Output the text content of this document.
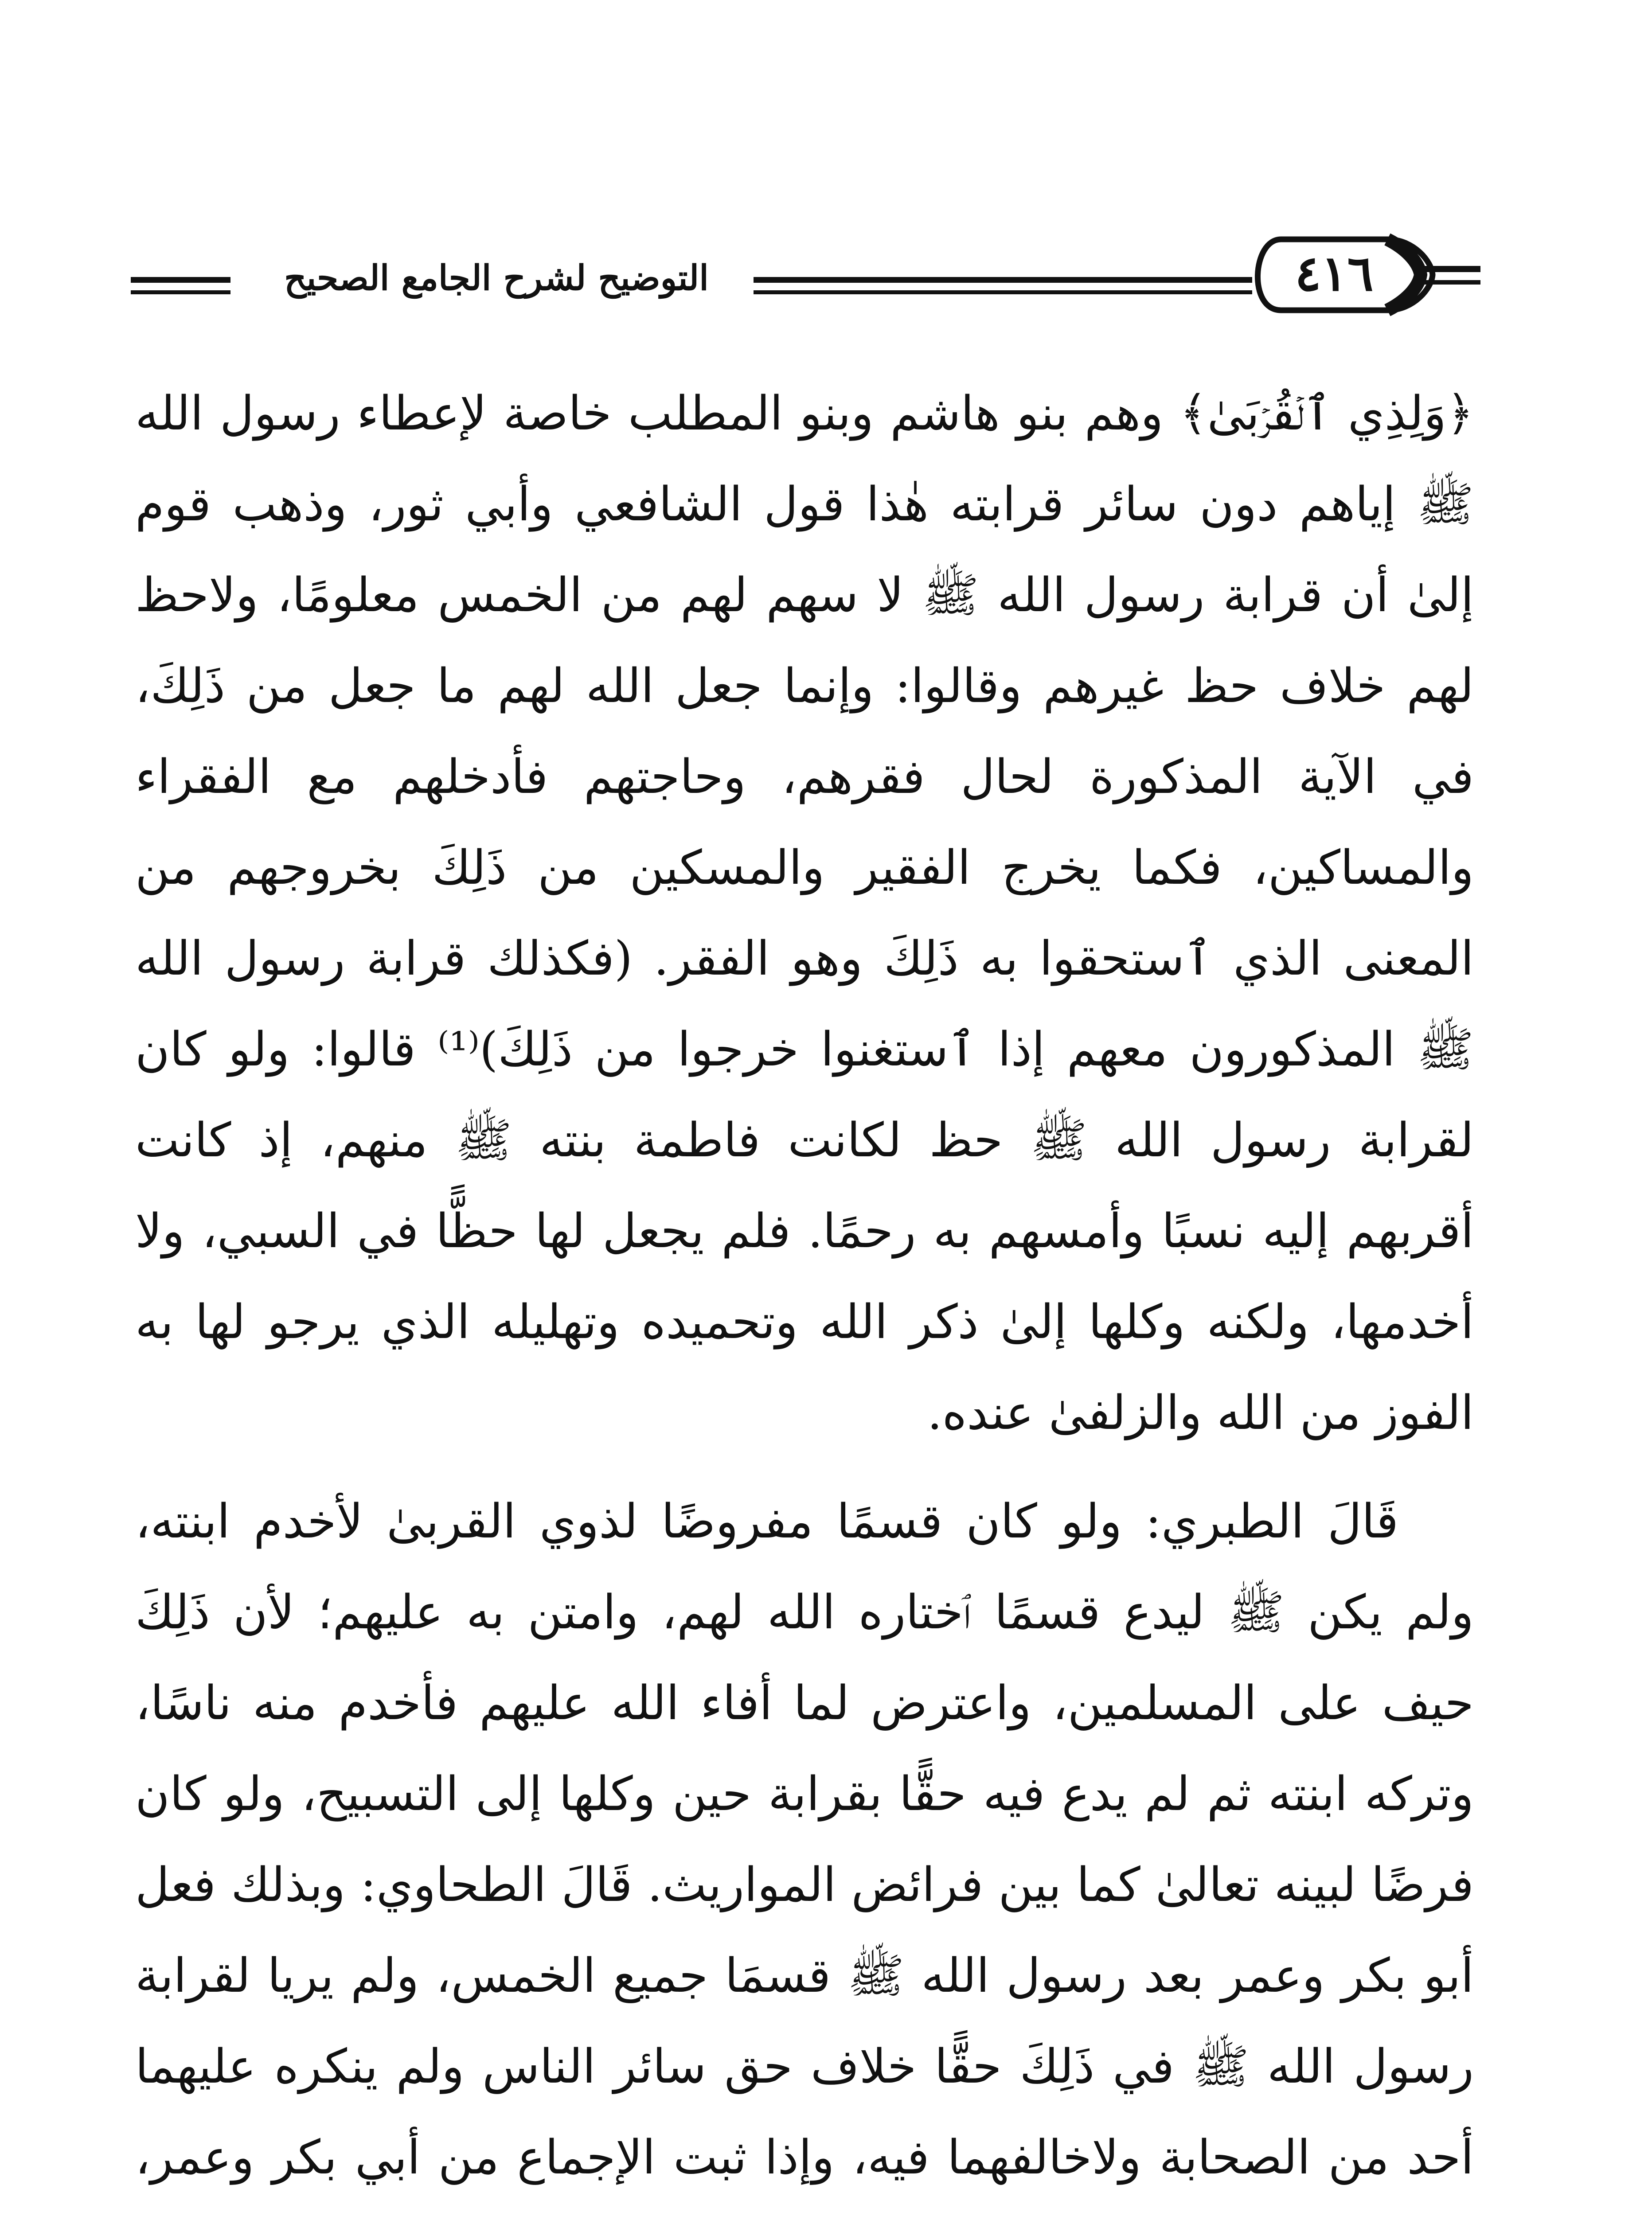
التوضيح لشرح الجامع الصحيح	٤١٦

﴿وَلِذِي ٱلۡقُرۡبَىٰ﴾ وهم بنو هاشم وبنو المطلب خاصة لإعطاء رسول الله ﷺ إياهم دون سائر قرابته هٰذا قول الشافعي وأبي ثور، وذهب قوم إلىٰ أن قرابة رسول الله ﷺ لا سهم لهم من الخمس معلومًا، ولاحظ لهم خلاف حظ غيرهم وقالوا: وإنما جعل الله لهم ما جعل من ذَلِكَ، في الآية المذكورة لحال فقرهم، وحاجتهم فأدخلهم مع الفقراء والمساكين، فكما يخرج الفقير والمسكين من ذَلِكَ بخروجهم من المعنى الذي ٱستحقوا به ذَلِكَ وهو الفقر. (فكذلك قرابة رسول الله ﷺ المذكورون معهم إذا ٱستغنوا خرجوا من ذَلِكَ)⁽¹⁾ قالوا: ولو كان لقرابة رسول الله ﷺ حظ لكانت فاطمة بنته ﷺ منهم، إذ كانت أقربهم إليه نسبًا وأمسهم به رحمًا. فلم يجعل لها حظًّا في السبي، ولا أخدمها، ولكنه وكلها إلىٰ ذكر الله وتحميده وتهليله الذي يرجو لها به الفوز من الله والزلفىٰ عنده.

قَالَ الطبري: ولو كان قسمًا مفروضًا لذوي القربىٰ لأخدم ابنته، ولم يكن ﷺ ليدع قسمًا ٱختاره الله لهم، وامتن به عليهم؛ لأن ذَلِكَ حيف على المسلمين، واعترض لما أفاء الله عليهم فأخدم منه ناسًا، وتركه ابنته ثم لم يدع فيه حقًّا بقرابة حين وكلها إلى التسبيح، ولو كان فرضًا لبينه تعالىٰ كما بين فرائض المواريث. قَالَ الطحاوي: وبذلك فعل أبو بكر وعمر بعد رسول الله ﷺ قسمَا جميع الخمس، ولم يريا لقرابة رسول الله ﷺ في ذَلِكَ حقًّا خلاف حق سائر الناس ولم ينكره عليهما أحد من الصحابة ولاخالفهما فيه، وإذا ثبت الإجماع من أبي بكر وعمر،
